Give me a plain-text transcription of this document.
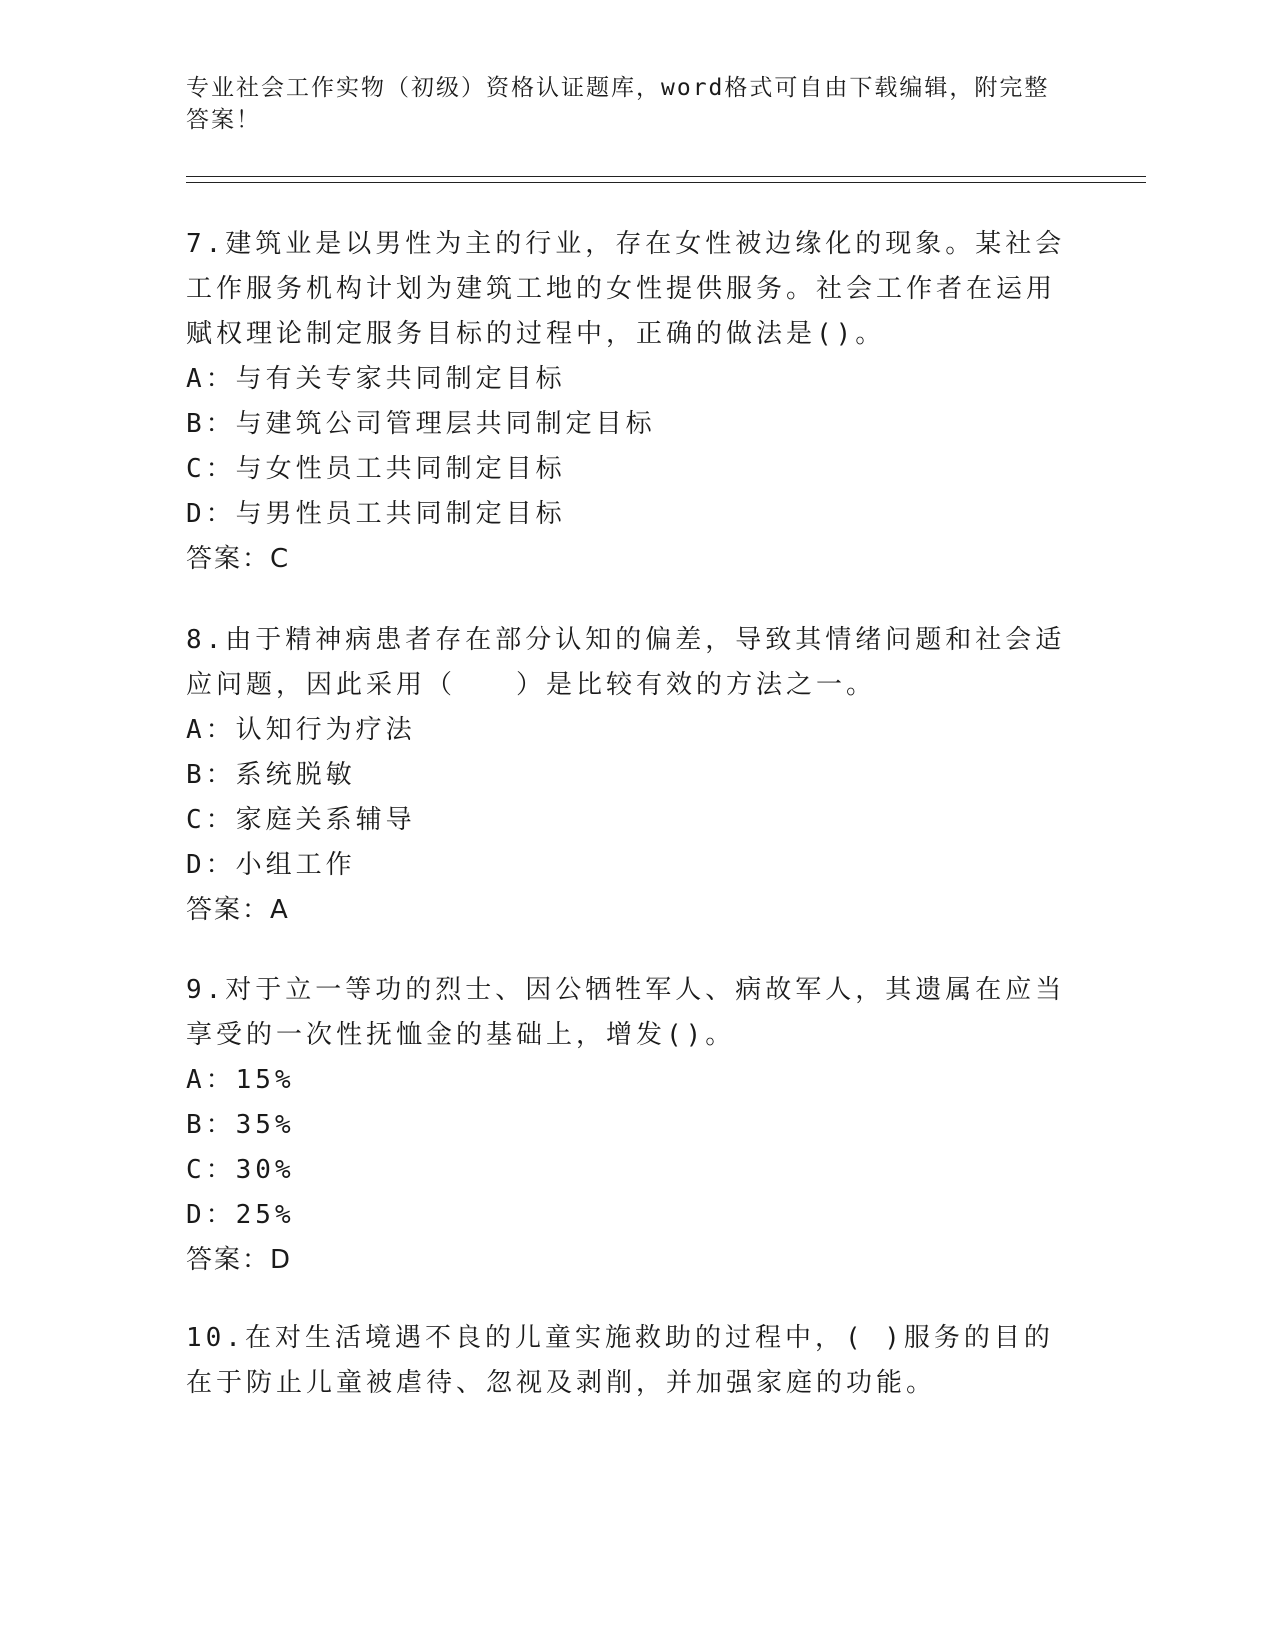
专业社会工作实物（初级）资格认证题库，word格式可自由下载编辑，附完整答案！

7.建筑业是以男性为主的行业，存在女性被边缘化的现象。某社会工作服务机构计划为建筑工地的女性提供服务。社会工作者在运用赋权理论制定服务目标的过程中，正确的做法是()。

A：与有关专家共同制定目标

B：与建筑公司管理层共同制定目标

C：与女性员工共同制定目标

D：与男性员工共同制定目标

答案：C

8.由于精神病患者存在部分认知的偏差，导致其情绪问题和社会适应问题，因此采用（　　）是比较有效的方法之一。

A：认知行为疗法

B：系统脱敏

C：家庭关系辅导

D：小组工作

答案：A

9.对于立一等功的烈士、因公牺牲军人、病故军人，其遗属在应当享受的一次性抚恤金的基础上，增发()。

A：15%

B：35%

C：30%

D：25%

答案：D

10.在对生活境遇不良的儿童实施救助的过程中，( )服务的目的在于防止儿童被虐待、忽视及剥削，并加强家庭的功能。
